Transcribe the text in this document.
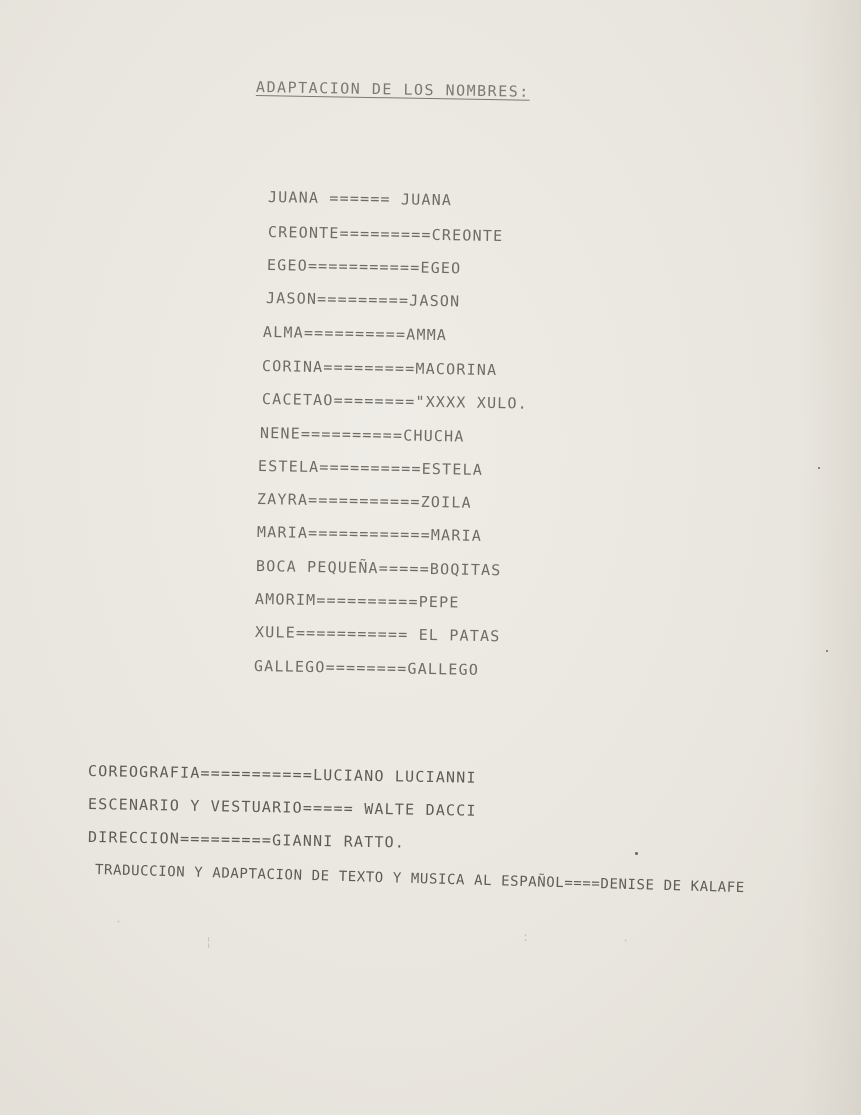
ADAPTACION DE LOS NOMBRES:
JUANA ====== JUANA
CREONTE=========CREONTE
EGEO===========EGEO
JASON=========JASON
ALMA==========AMMA
CORINA=========MACORINA
CACETAO========"XXXX XULO.
NENE==========CHUCHA
ESTELA==========ESTELA
ZAYRA===========ZOILA
MARIA============MARIA
BOCA PEQUEÑA=====BOQITAS
AMORIM==========PEPE
XULE=========== EL PATAS
GALLEGO========GALLEGO
COREOGRAFIA===========LUCIANO LUCIANNI
ESCENARIO Y VESTUARIO===== WALTE DACCI
DIRECCION=========GIANNI RATTO.
TRADUCCION Y ADAPTACION DE TEXTO Y MUSICA AL ESPAÑOL====DENISE DE KALAFE
·
¦	:	·
